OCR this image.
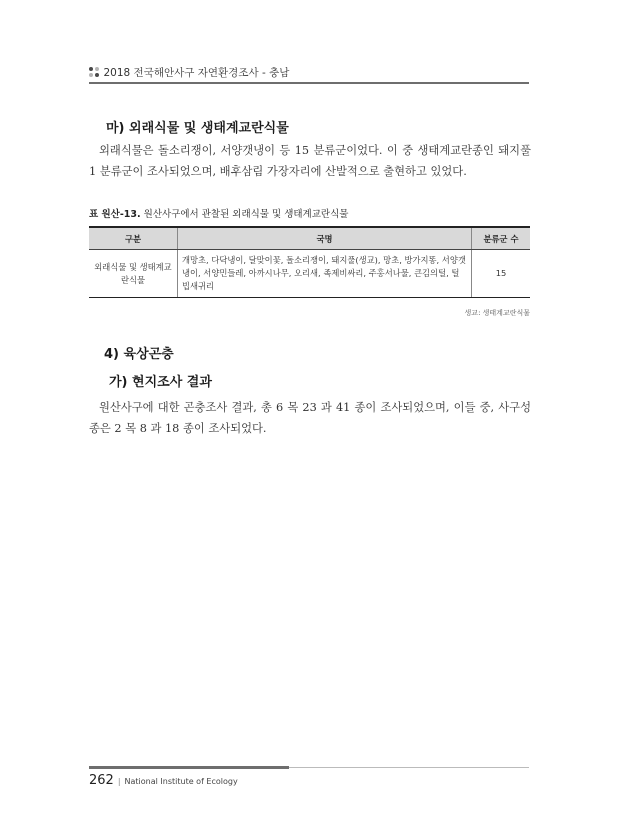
2018 전국해안사구 자연환경조사 - 충남
마) 외래식물 및 생태계교란식물

외래식물은 돌소리쟁이, 서양갯냉이 등 15 분류군이었다. 이 중 생태계교란종인 돼지풀 1 분류군이 조사되었으며, 배후삼림 가장자리에 산발적으로 출현하고 있었다.

표 원산-13. 원산사구에서 관찰된 외래식물 및 생태계교란식물
구분	국명	분류군 수
외래식물 및 생태계교란식물	개망초, 다닥냉이, 달맞이꽃, 돌소리쟁이, 돼지풀(생교), 망초, 방가지똥, 서양갯냉이, 서양민들레, 아까시나무, 오리새, 족제비싸리, 주홍서나물, 큰김의털, 털빕새귀리	15
생교: 생태계교란식물
4) 육상곤충
가) 현지조사 결과

원산사구에 대한 곤충조사 결과, 총 6 목 23 과 41 종이 조사되었으며, 이들 중, 사구성종은 2 목 8 과 18 종이 조사되었다.

262 | National Institute of Ecology
